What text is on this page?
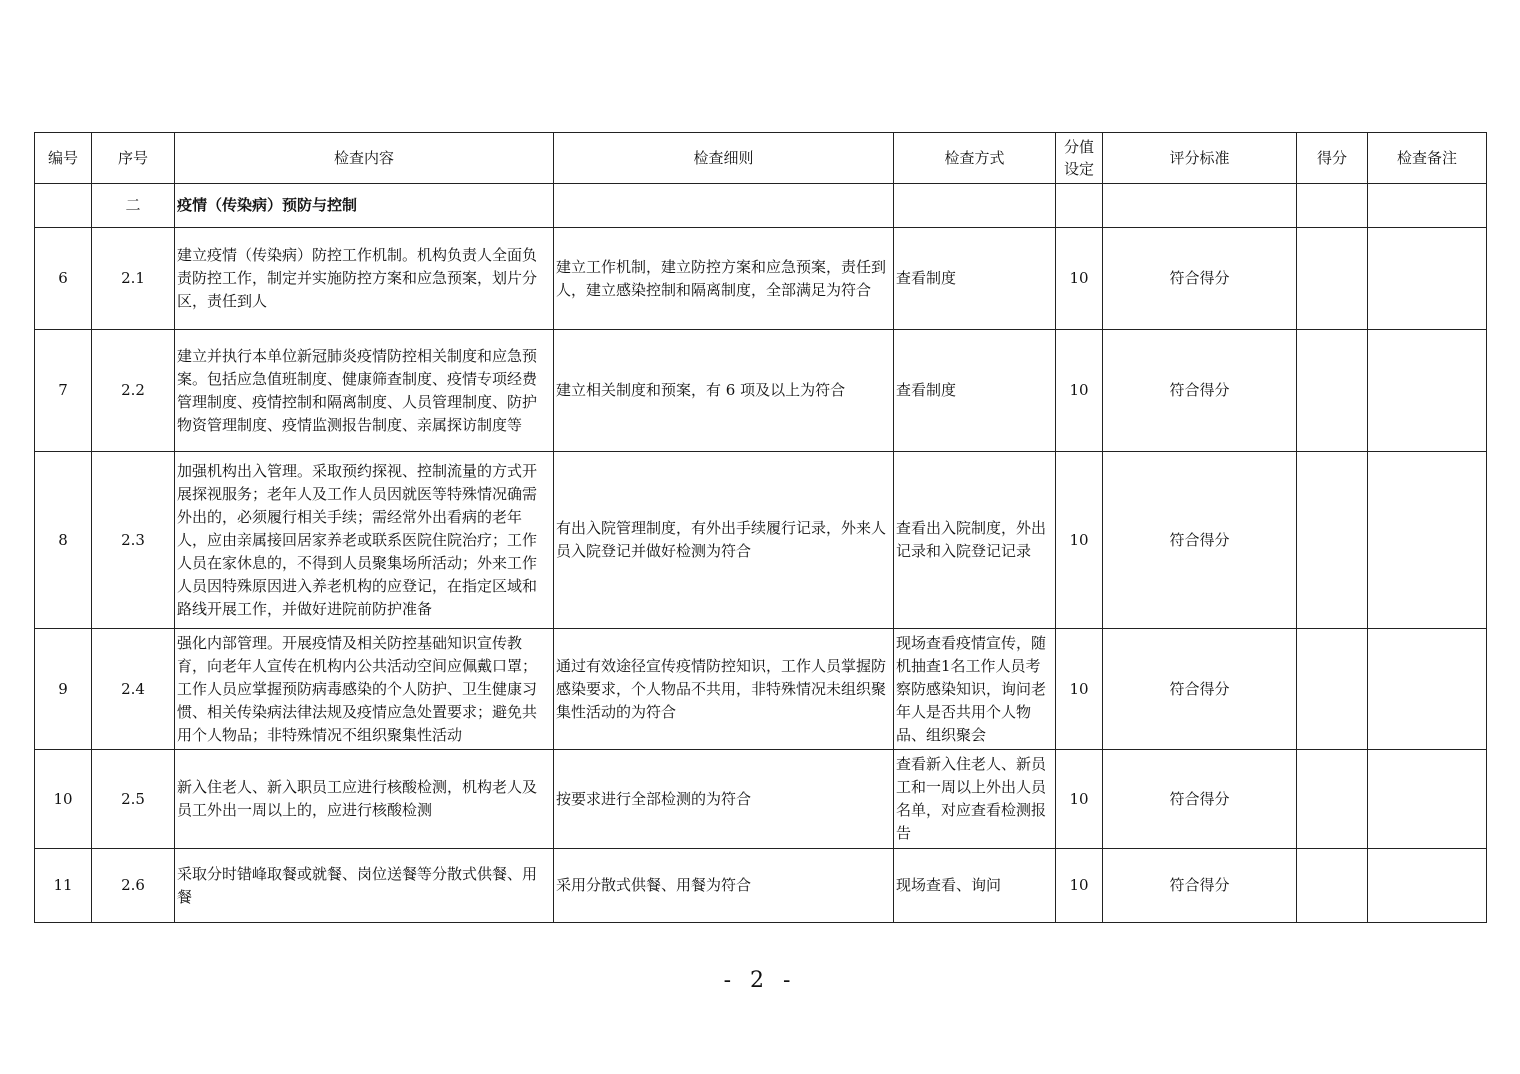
编号	序号	检查内容	检查细则	检查方式	分值设定	评分标准	得分	检查备注
	二	疫情（传染病）预防与控制						
6	2.1	建立疫情（传染病）防控工作机制。机构负责人全面负责防控工作，制定并实施防控方案和应急预案，划片分区，责任到人	建立工作机制，建立防控方案和应急预案，责任到人，建立感染控制和隔离制度，全部满足为符合	查看制度	10	符合得分		
7	2.2	建立并执行本单位新冠肺炎疫情防控相关制度和应急预案。包括应急值班制度、健康筛查制度、疫情专项经费管理制度、疫情控制和隔离制度、人员管理制度、防护物资管理制度、疫情监测报告制度、亲属探访制度等	建立相关制度和预案，有 6 项及以上为符合	查看制度	10	符合得分		
8	2.3	加强机构出入管理。采取预约探视、控制流量的方式开展探视服务；老年人及工作人员因就医等特殊情况确需外出的，必须履行相关手续；需经常外出看病的老年人，应由亲属接回居家养老或联系医院住院治疗；工作人员在家休息的，不得到人员聚集场所活动；外来工作人员因特殊原因进入养老机构的应登记，在指定区域和路线开展工作，并做好进院前防护准备	有出入院管理制度，有外出手续履行记录，外来人员入院登记并做好检测为符合	查看出入院制度，外出记录和入院登记记录	10	符合得分		
9	2.4	强化内部管理。开展疫情及相关防控基础知识宣传教育，向老年人宣传在机构内公共活动空间应佩戴口罩；工作人员应掌握预防病毒感染的个人防护、卫生健康习惯、相关传染病法律法规及疫情应急处置要求；避免共用个人物品；非特殊情况不组织聚集性活动	通过有效途径宣传疫情防控知识，工作人员掌握防感染要求，个人物品不共用，非特殊情况未组织聚集性活动的为符合	现场查看疫情宣传，随机抽查1名工作人员考察防感染知识，询问老年人是否共用个人物品、组织聚会	10	符合得分		
10	2.5	新入住老人、新入职员工应进行核酸检测，机构老人及员工外出一周以上的，应进行核酸检测	按要求进行全部检测的为符合	查看新入住老人、新员工和一周以上外出人员名单，对应查看检测报告	10	符合得分		
11	2.6	采取分时错峰取餐或就餐、岗位送餐等分散式供餐、用餐	采用分散式供餐、用餐为符合	现场查看、询问	10	符合得分		
- 2 -
